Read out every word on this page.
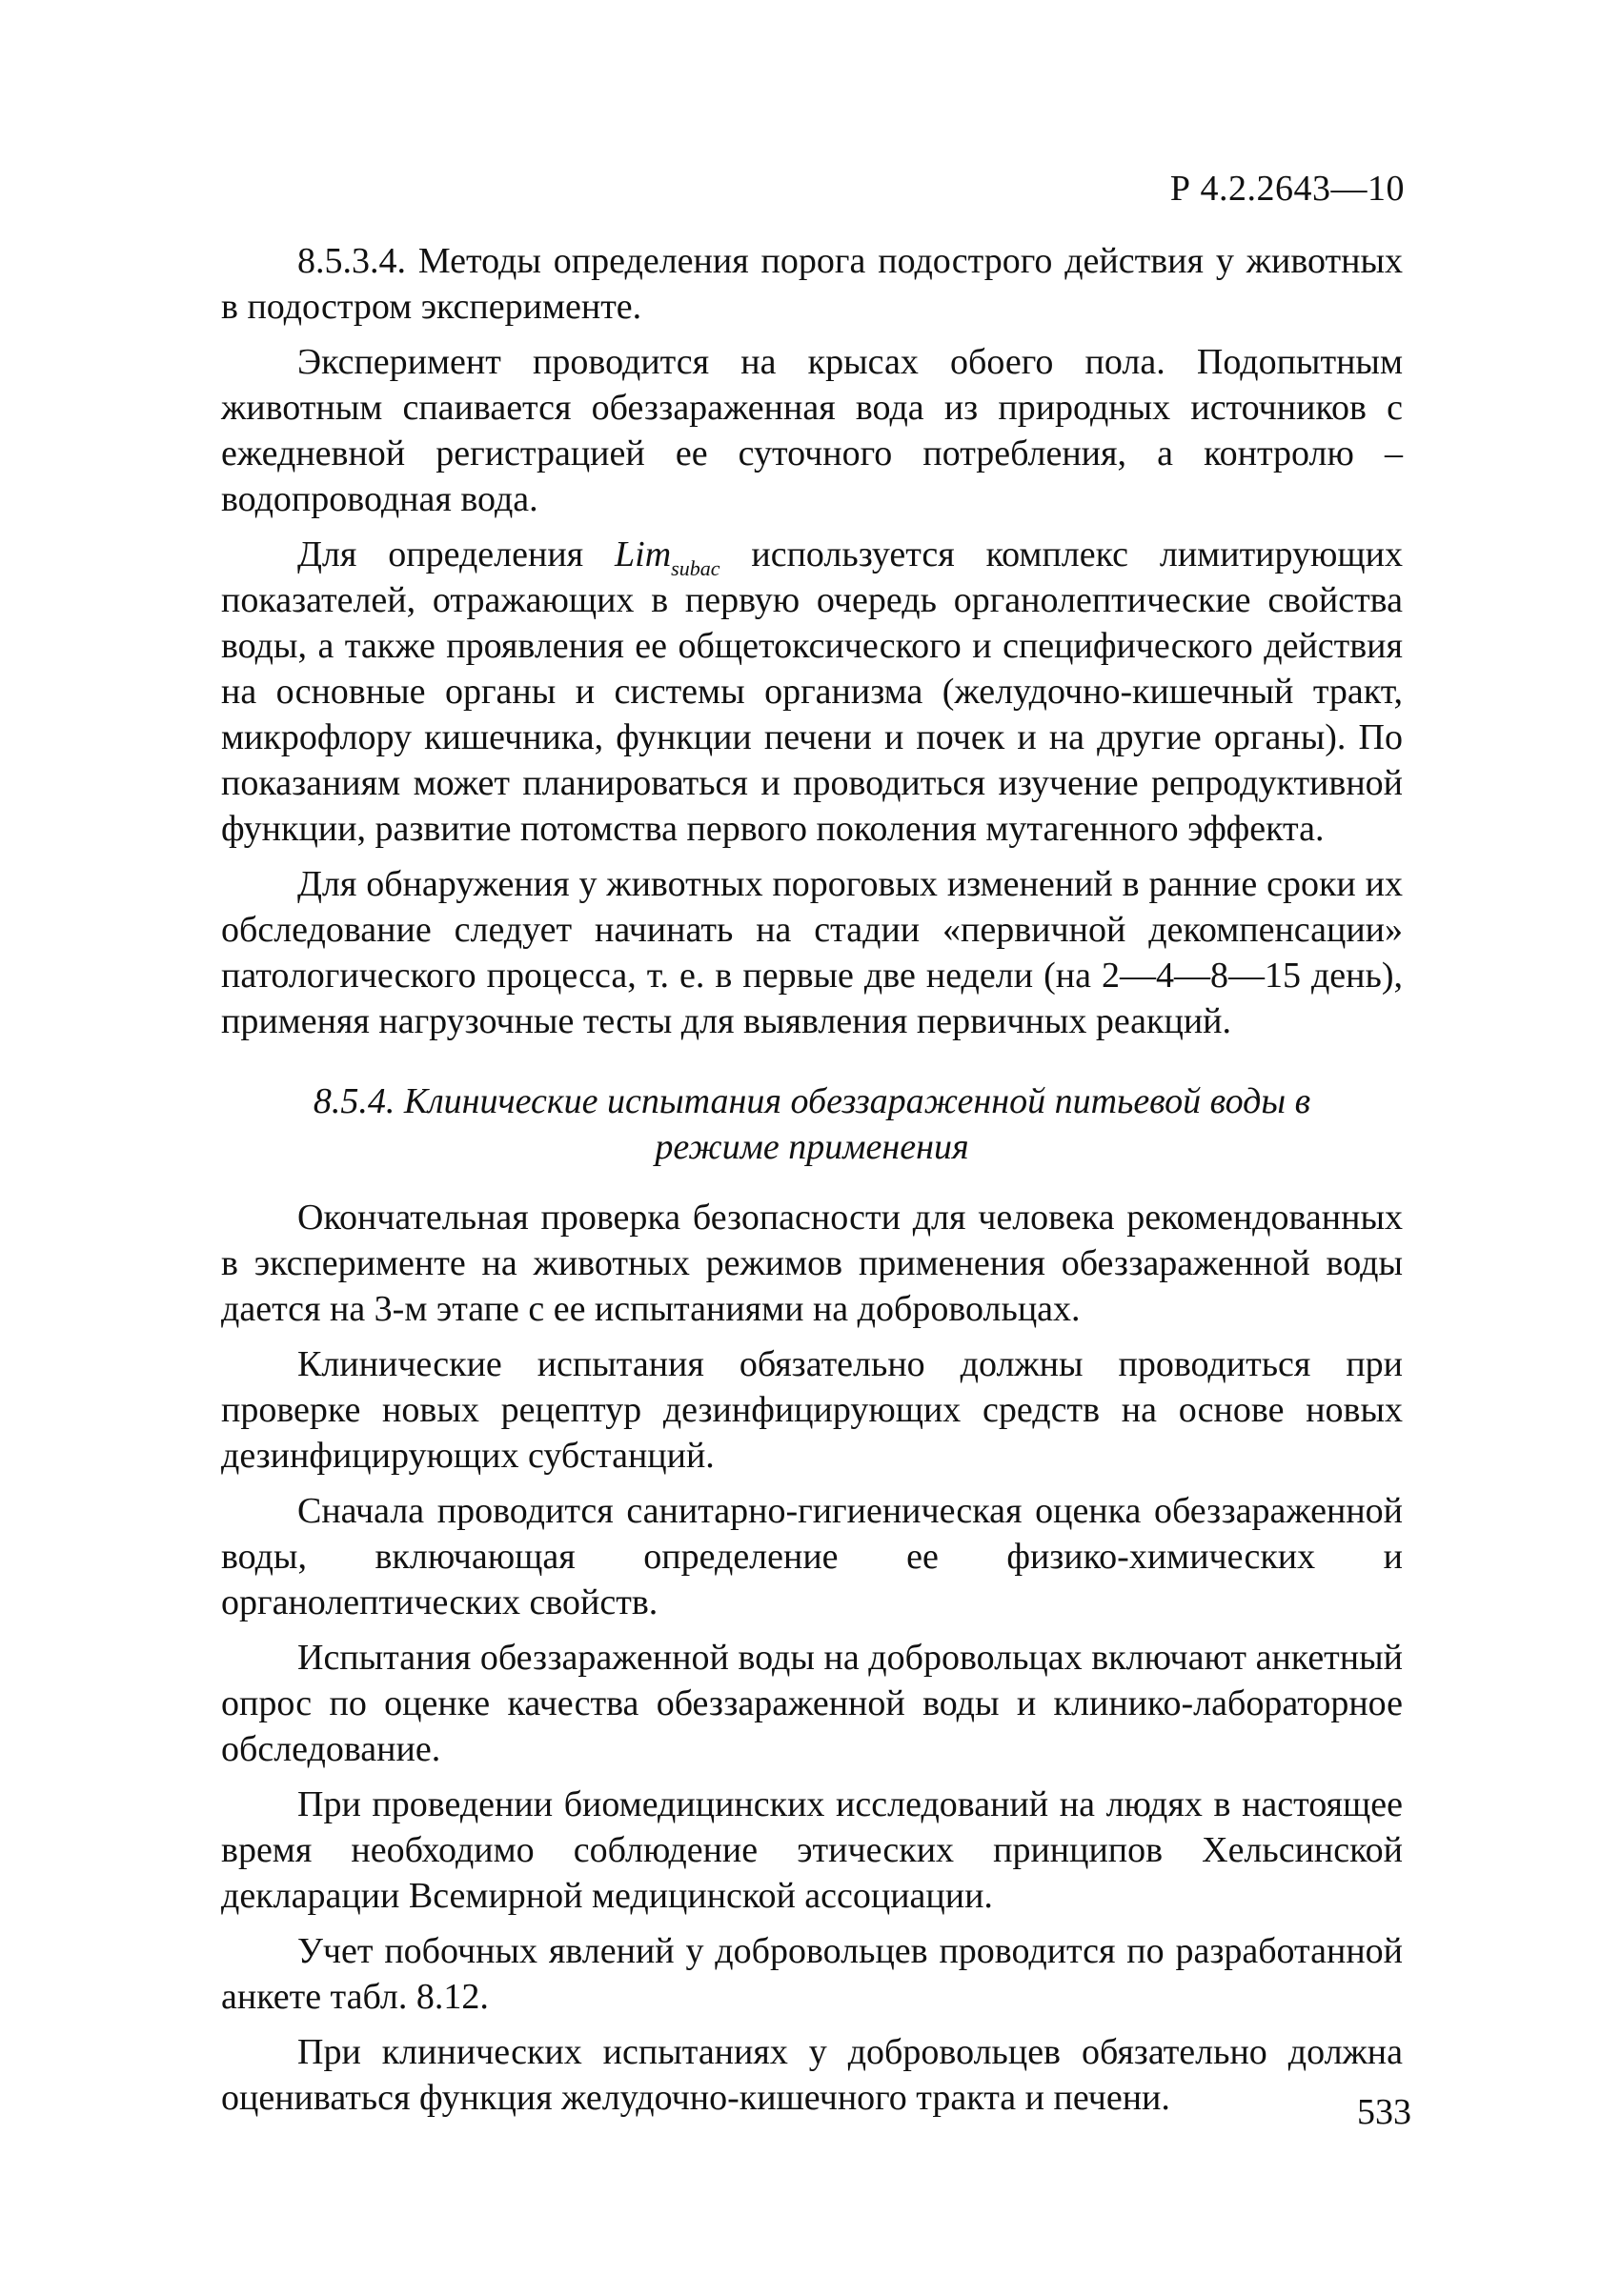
Р 4.2.2643—10

8.5.3.4. Методы определения порога подострого действия у животных в подостром эксперименте.

Эксперимент проводится на крысах обоего пола. Подопытным животным спаивается обеззараженная вода из природных источников с ежедневной регистрацией ее суточного потребления, а контролю – водопроводная вода.

Для определения Lim$_{subac}$ используется комплекс лимитирующих показателей, отражающих в первую очередь органолептические свойства воды, а также проявления ее общетоксического и специфического действия на основные органы и системы организма (желудочно-кишечный тракт, микрофлору кишечника, функции печени и почек и на другие органы). По показаниям может планироваться и проводиться изучение репродуктивной функции, развитие потомства первого поколения мутагенного эффекта.

Для обнаружения у животных пороговых изменений в ранние сроки их обследование следует начинать на стадии «первичной декомпенсации» патологического процесса, т. е. в первые две недели (на 2—4—8—15 день), применяя нагрузочные тесты для выявления первичных реакций.

8.5.4. Клинические испытания обеззараженной питьевой воды в режиме применения

Окончательная проверка безопасности для человека рекомендованных в эксперименте на животных режимов применения обеззараженной воды дается на 3-м этапе с ее испытаниями на добровольцах.

Клинические испытания обязательно должны проводиться при проверке новых рецептур дезинфицирующих средств на основе новых дезинфицирующих субстанций.

Сначала проводится санитарно-гигиеническая оценка обеззараженной воды, включающая определение ее физико-химических и органолептических свойств.

Испытания обеззараженной воды на добровольцах включают анкетный опрос по оценке качества обеззараженной воды и клинико-лабораторное обследование.

При проведении биомедицинских исследований на людях в настоящее время необходимо соблюдение этических принципов Хельсинской декларации Всемирной медицинской ассоциации.

Учет побочных явлений у добровольцев проводится по разработанной анкете табл. 8.12.

При клинических испытаниях у добровольцев обязательно должна оцениваться функция желудочно-кишечного тракта и печени.	533
